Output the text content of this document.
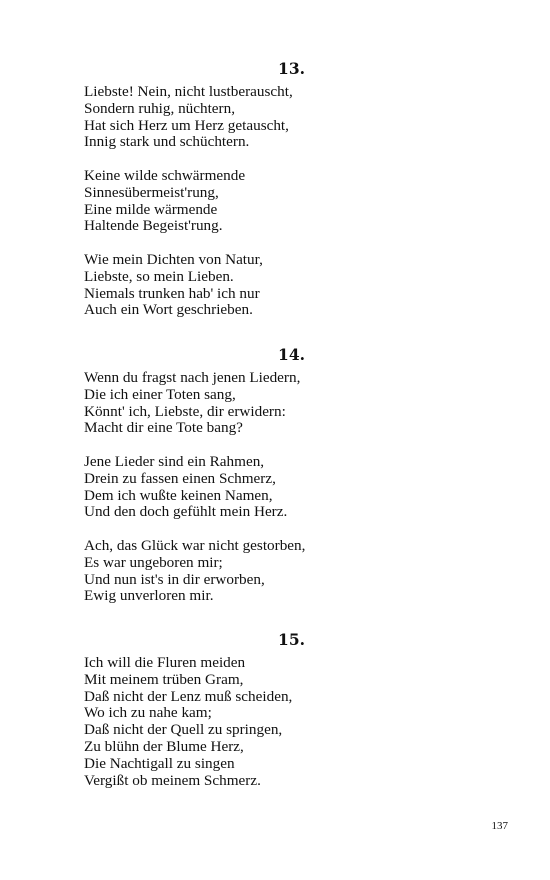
13.
Liebste! Nein, nicht lustberauscht,
Sondern ruhig, nüchtern,
Hat sich Herz um Herz getauscht,
Innig stark und schüchtern.
Keine wilde schwärmende
Sinnesübermeist'rung,
Eine milde wärmende
Haltende Begeist'rung.
Wie mein Dichten von Natur,
Liebste, so mein Lieben.
Niemals trunken hab' ich nur
Auch ein Wort geschrieben.
14.
Wenn du fragst nach jenen Liedern,
Die ich einer Toten sang,
Könnt' ich, Liebste, dir erwidern:
Macht dir eine Tote bang?
Jene Lieder sind ein Rahmen,
Drein zu fassen einen Schmerz,
Dem ich wußte keinen Namen,
Und den doch gefühlt mein Herz.
Ach, das Glück war nicht gestorben,
Es war ungeboren mir;
Und nun ist's in dir erworben,
Ewig unverloren mir.
15.
Ich will die Fluren meiden
Mit meinem trüben Gram,
Daß nicht der Lenz muß scheiden,
Wo ich zu nahe kam;
Daß nicht der Quell zu springen,
Zu blühn der Blume Herz,
Die Nachtigall zu singen
Vergißt ob meinem Schmerz.
137
